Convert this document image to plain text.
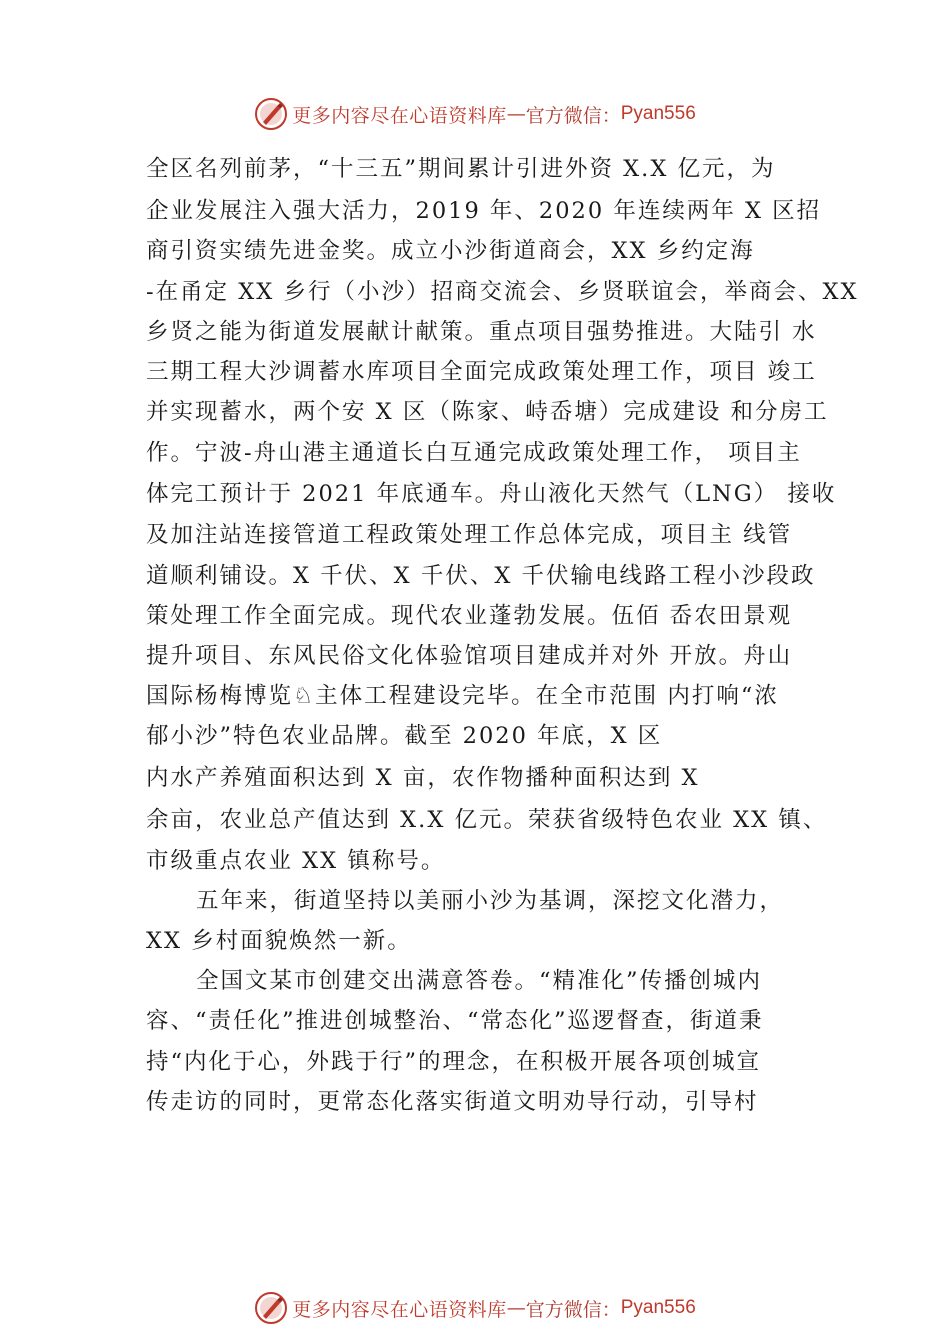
更多内容尽在心语资料库 — 官方微信： Pyan556
全区名列前茅，“十三五”期间累计引进外资 X.X 亿元，为
企业发展注入强大活力，2019 年、2020 年连续两年 X 区招
商引资实绩先进金奖。成立小沙街道商会，XX 乡约定海
-在甬定 XX 乡行（小沙）招商交流会、乡贤联谊会，举商会、XX
乡贤之能为街道发展献计献策。重点项目强势推进。大陆引 水
三期工程大沙调蓄水库项目全面完成政策处理工作，项目 竣工
并实现蓄水，两个安 X 区（陈家、峙岙塘）完成建设 和分房工
作。宁波-舟山港主通道长白互通完成政策处理工作， 项目主
体完工预计于 2021 年底通车。舟山液化天然气（LNG） 接收
及加注站连接管道工程政策处理工作总体完成，项目主 线管
道顺利铺设。X 千伏、X 千伏、X 千伏输电线路工程小沙段政
策处理工作全面完成。现代农业蓬勃发展。伍佰 岙农田景观
提升项目、东风民俗文化体验馆项目建成并对外 开放。舟山
国际杨梅博览♘主体工程建设完毕。在全市范围 内打响“浓
郁小沙”特色农业品牌。截至 2020 年底，X 区
内水产养殖面积达到 X 亩，农作物播种面积达到 X
余亩，农业总产值达到 X.X 亿元。荣获省级特色农业 XX 镇、
市级重点农业 XX 镇称号。
五年来，街道坚持以美丽小沙为基调，深挖文化潜力，
XX 乡村面貌焕然一新。
全国文某市创建交出满意答卷。“精准化”传播创城内
容、“责任化”推进创城整治、“常态化”巡逻督查，街道秉
持“内化于心，外践于行”的理念，在积极开展各项创城宣
传走访的同时，更常态化落实街道文明劝导行动，引导村
更多内容尽在心语资料库 — 官方微信： Pyan556
